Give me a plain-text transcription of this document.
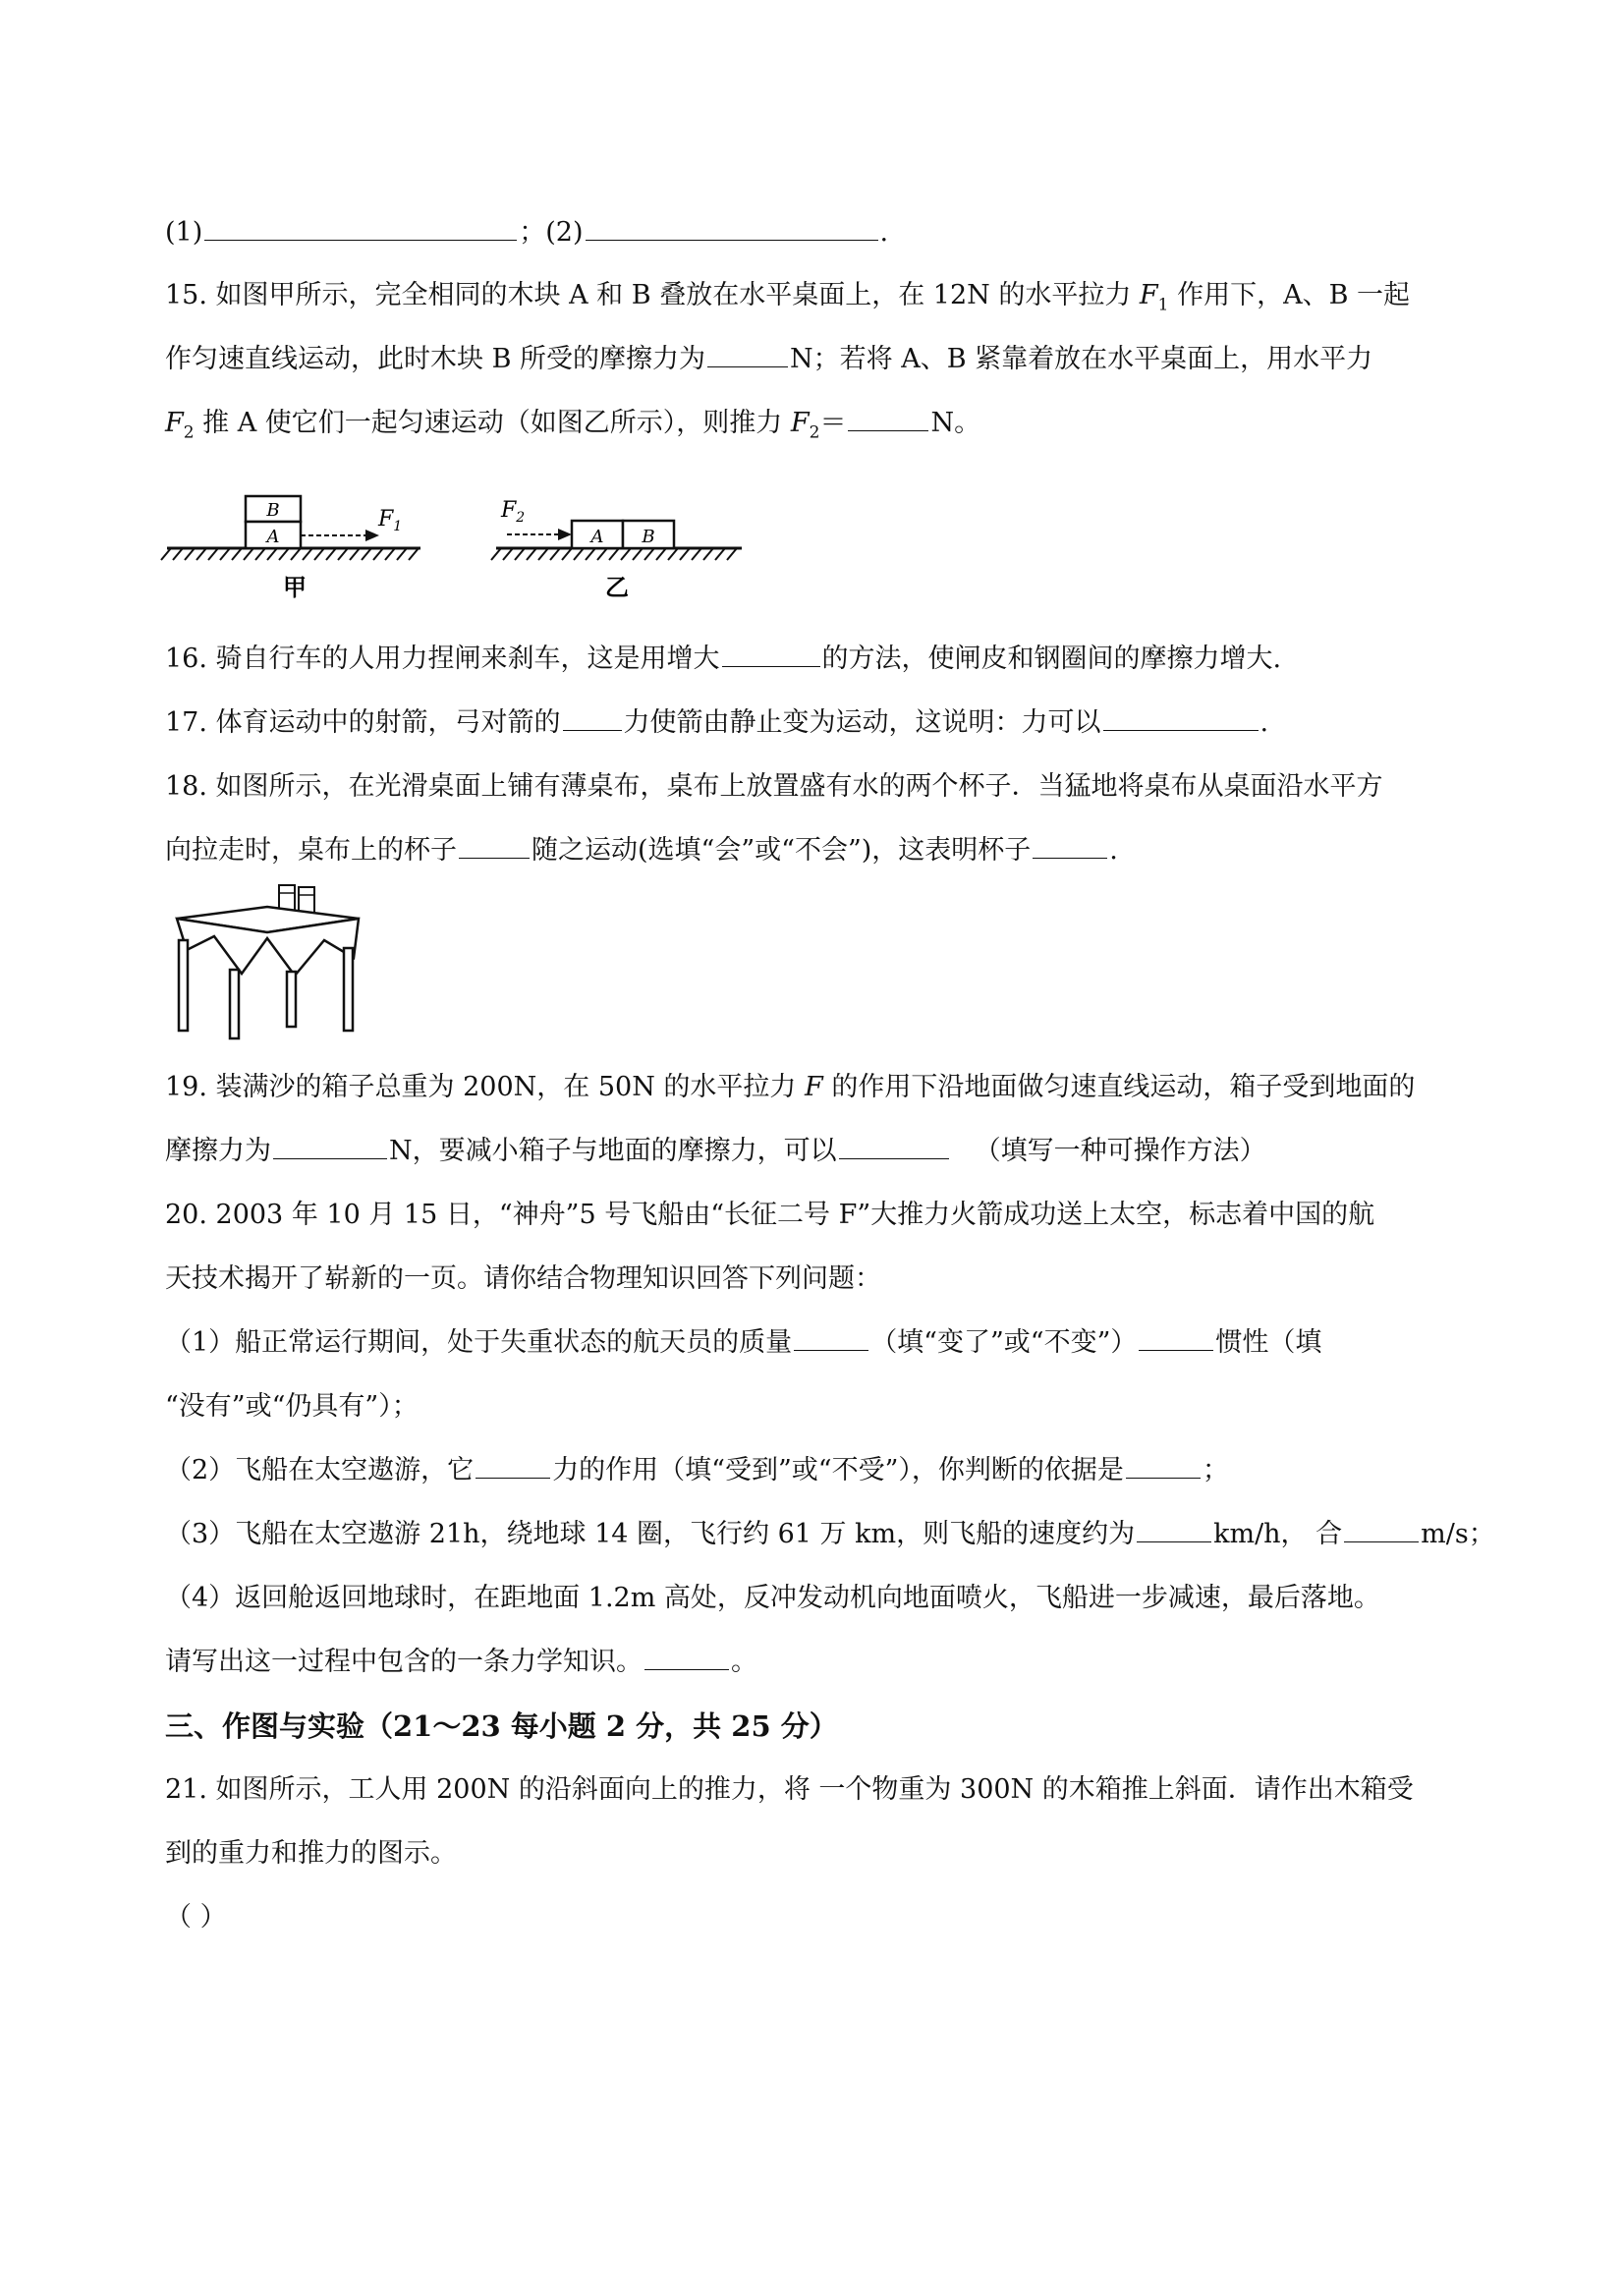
(1)	；(2)	.
15. 如图甲所示，完全相同的木块 A 和 B 叠放在水平桌面上，在 12N 的水平拉力 $F_1$ 作用下，A、B 一起
作匀速直线运动，此时木块 B 所受的摩擦力为	N；若将 A、B 紧靠着放在水平桌面上，用水平力
$F_2$ 推 A 使它们一起匀速运动（如图乙所示），则推力 $F_2=$	N。
B
A
$F_1$
甲
A B
$F_2$
乙
16. 骑自行车的人用力捏闸来刹车，这是用增大	的方法，使闸皮和钢圈间的摩擦力增大.
17. 体育运动中的射箭，弓对箭的 力使箭由静止变为运动，这说明：力可以	.
18. 如图所示，在光滑桌面上铺有薄桌布，桌布上放置盛有水的两个杯子．当猛地将桌布从桌面沿水平方
向拉走时，桌布上的杯子	随之运动(选填“会”或“不会”)，这表明杯子	.
19. 装满沙的箱子总重为 200N，在 50N 的水平拉力 F 的作用下沿地面做匀速直线运动，箱子受到地面的
摩擦力为	N，要减小箱子与地面的摩擦力，可以	（填写一种可操作方法）
20. 2003 年 10 月 15 日，“神舟”5 号飞船由“长征二号 F”大推力火箭成功送上太空，标志着中国的航
天技术揭开了崭新的一页。请你结合物理知识回答下列问题：
（1）船正常运行期间，处于失重状态的航天员的质量	（填“变了”或“不变”）	惯性（填
“没有”或“仍具有”）；
（2）飞船在太空遨游，它	力的作用（填“受到”或“不受”），你判断的依据是	；
（3）飞船在太空遨游 21h，绕地球 14 圈，飞行约 61 万 km，则飞船的速度约为	km/h， 合	m/s；
（4）返回舱返回地球时，在距地面 1.2m 高处，反冲发动机向地面喷火，飞船进一步减速，最后落地。
请写出这一过程中包含的一条力学知识。	。
三、作图与实验（21～23 每小题 2 分，共 25 分）
21. 如图所示，工人用 200N 的沿斜面向上的推力，将 一个物重为 300N 的木箱推上斜面．请作出木箱受
到的重力和推力的图示。
（ ）
